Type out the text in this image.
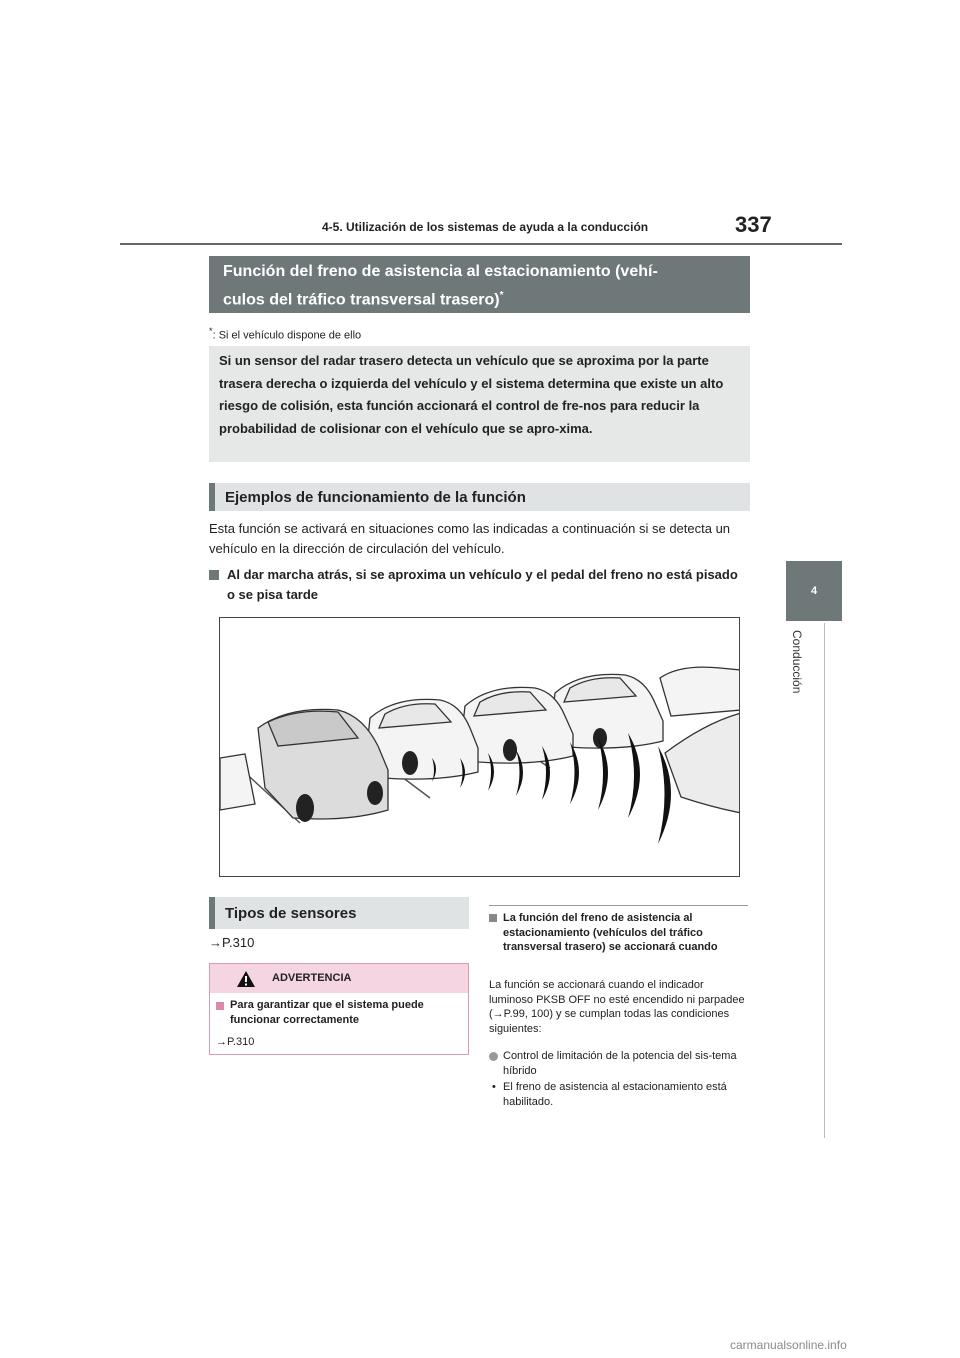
337
4-5. Utilización de los sistemas de ayuda a la conducción
4
Conducción
Función del freno de asistencia al estacionamiento (vehí-
culos del tráfico transversal trasero)*
*: Si el vehículo dispone de ello
Si un sensor del radar trasero detecta un vehículo que se aproxima por la parte trasera derecha o izquierda del vehículo y el sistema determina que existe un alto riesgo de colisión, esta función accionará el control de fre-nos para reducir la probabilidad de colisionar con el vehículo que se apro-xima.
Ejemplos de funcionamiento de la función
Esta función se activará en situaciones como las indicadas a continuación si se detecta un vehículo en la dirección de circulación del vehículo.
Al dar marcha atrás, si se aproxima un vehículo y el pedal del freno no está pisado o se pisa tarde
Tipos de sensores
→P.310
ADVERTENCIA
Para garantizar que el sistema puede funcionar correctamente
→P.310
La función del freno de asistencia al estacionamiento (vehículos del tráfico transversal trasero) se accionará cuando
La función se accionará cuando el indicador luminoso PKSB OFF no esté encendido ni parpadee (→P.99, 100) y se cumplan todas las condiciones siguientes:
Control de limitación de la potencia del sis-tema híbrido
• El freno de asistencia al estacionamiento está habilitado.
carmanualsonline.info
